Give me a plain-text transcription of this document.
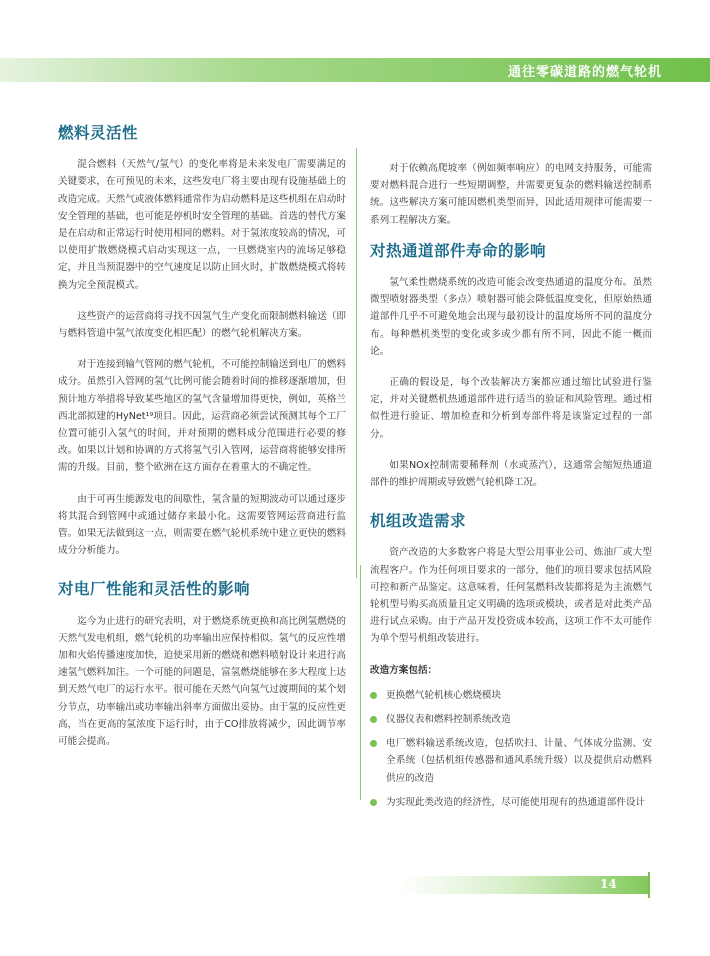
通往零碳道路的燃气轮机
燃料灵活性

混合燃料（天然气/氢气）的变化率将是未来发电厂需要满足的关键要求，在可预见的未来，这些发电厂将主要由现有设施基础上的改造完成。天然气或液体燃料通常作为启动燃料是这些机组在启动时安全管理的基础，也可能是停机时安全管理的基础。首选的替代方案是在启动和正常运行时使用相同的燃料。对于氢浓度较高的情况，可以使用扩散燃烧模式启动实现这一点，一旦燃烧室内的流场足够稳定，并且当预混器中的空气速度足以防止回火时，扩散燃烧模式将转换为完全预混模式。

这些资产的运营商将寻找不因氢气生产变化而限制燃料输送（即与燃料管道中氢气浓度变化相匹配）的燃气轮机解决方案。

对于连接到输气管网的燃气轮机，不可能控制输送到电厂的燃料成分。虽然引入管网的氢气比例可能会随着时间的推移逐渐增加，但预计地方举措将导致某些地区的氢气含量增加得更快，例如，英格兰西北部拟建的HyNet¹⁹项目。因此，运营商必须尝试预测其每个工厂位置可能引入氢气的时间，并对预期的燃料成分范围进行必要的修改。如果以计划和协调的方式将氢气引入管网，运营商将能够安排所需的升级。目前，整个欧洲在这方面存在着重大的不确定性。

由于可再生能源发电的间歇性，氢含量的短期波动可以通过逐步将其混合到管网中或通过储存来最小化。这需要管网运营商进行监管。如果无法做到这一点，则需要在燃气轮机系统中建立更快的燃料成分分析能力。

对电厂性能和灵活性的影响

迄今为止进行的研究表明，对于燃烧系统更换和高比例氢燃烧的天然气发电机组，燃气轮机的功率输出应保持相似。氢气的反应性增加和火焰传播速度加快，迫使采用新的燃烧和燃料喷射设计来进行高速氢气燃料加注。一个可能的问题是，富氢燃烧能够在多大程度上达到天然气电厂的运行水平。很可能在天然气向氢气过渡期间的某个划分节点，功率输出或功率输出斜率方面做出妥协。由于氢的反应性更高，当在更高的氢浓度下运行时，由于CO排放将减少，因此调节率可能会提高。

对于依赖高爬坡率（例如频率响应）的电网支持服务，可能需要对燃料混合进行一些短期调整，并需要更复杂的燃料输送控制系统。这些解决方案可能因燃机类型而异，因此适用规律可能需要一系列工程解决方案。

对热通道部件寿命的影响

氢气柔性燃烧系统的改造可能会改变热通道的温度分布。虽然微型喷射器类型（多点）喷射器可能会降低温度变化，但原始热通道部件几乎不可避免地会出现与最初设计的温度场所不同的温度分布。每种燃机类型的变化或多或少都有所不同，因此不能一概而论。

正确的假设是，每个改装解决方案都应通过缩比试验进行鉴定，并对关键燃机热通道部件进行适当的验证和风险管理。通过相似性进行验证、增加检查和分析到寿部件将是该鉴定过程的一部分。

如果NOx控制需要稀释剂（水或蒸汽），这通常会缩短热通道部件的维护周期或导致燃气轮机降工况。

机组改造需求

资产改造的大多数客户将是大型公用事业公司、炼油厂或大型流程客户。作为任何项目要求的一部分，他们的项目要求包括风险可控和新产品鉴定。这意味着，任何氢燃料改装都将是为主流燃气轮机型号购买高质量且定义明确的选项或模块，或者是对此类产品进行试点采购。由于产品开发投资成本较高，这项工作不太可能作为单个型号机组改装进行。

改造方案包括：
更换燃气轮机核心燃烧模块
仪器仪表和燃料控制系统改造
电厂燃料输送系统改造，包括吹扫、计量、气体成分监测、安全系统（包括机组传感器和通风系统升级）以及提供启动燃料供应的改造
为实现此类改造的经济性，尽可能使用现有的热通道部件设计
14
